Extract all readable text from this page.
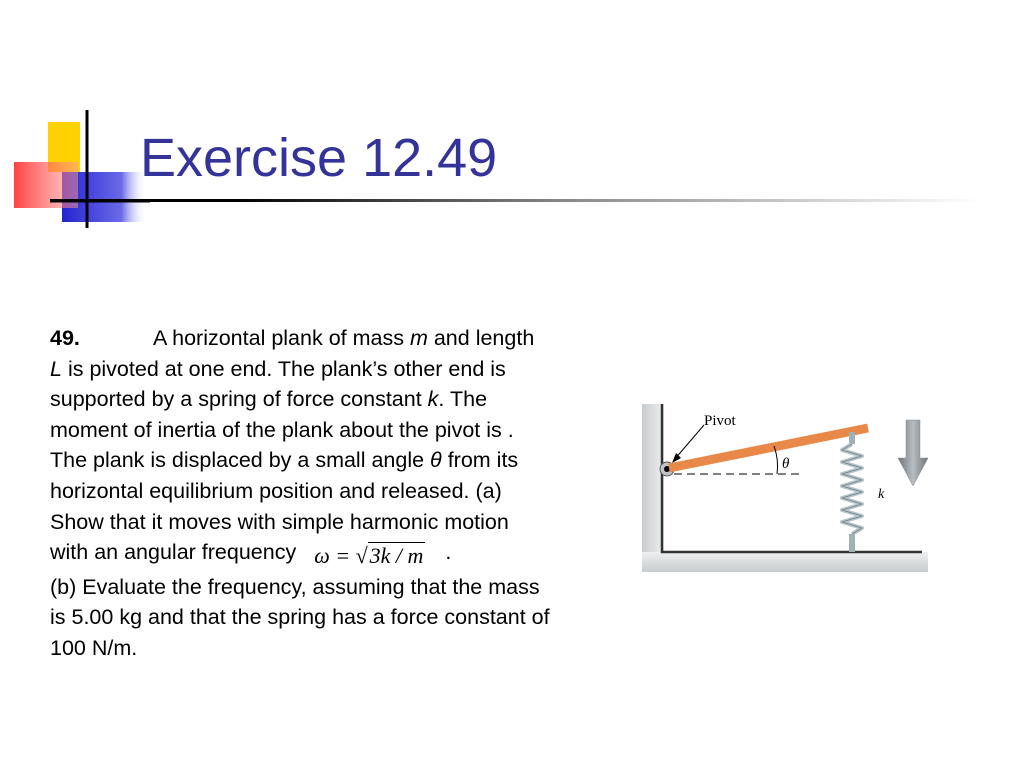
Exercise 12.49

49.	A horizontal plank of mass m and length L is pivoted at one end. The plank’s other end is supported by a spring of force constant k. The moment of inertia of the plank about the pivot is . The plank is displaced by a small angle θ from its horizontal equilibrium position and released. (a) Show that it moves with simple harmonic motion with an angular frequency ω = √3k / m .

(b) Evaluate the frequency, assuming that the mass is 5.00 kg and that the spring has a force constant of 100 N/m.

θ
Pivot
k
